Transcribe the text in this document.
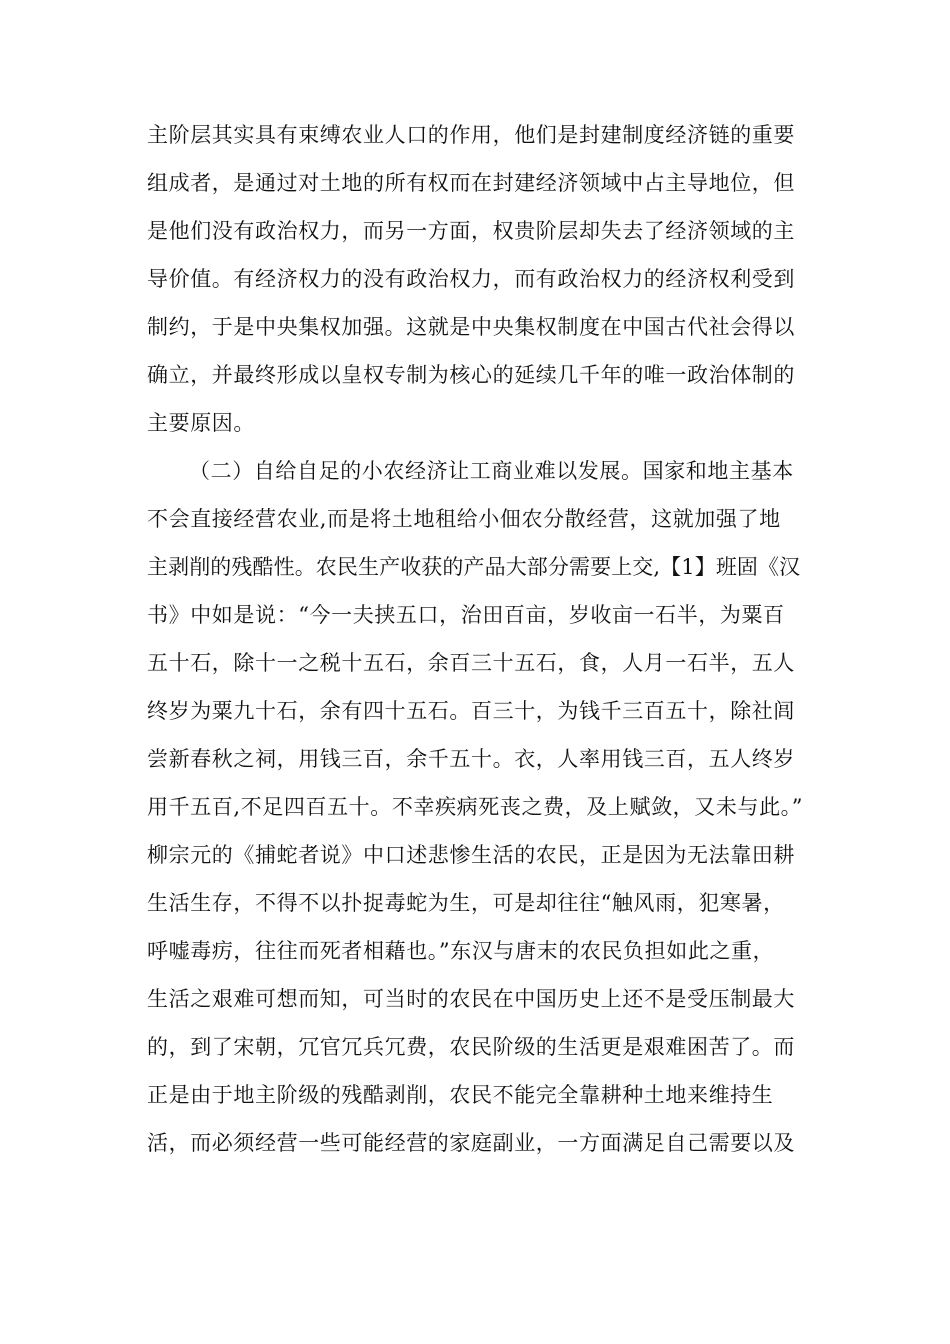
主阶层其实具有束缚农业人口的作用，他们是封建制度经济链的重要
组成者，是通过对土地的所有权而在封建经济领域中占主导地位，但
是他们没有政治权力，而另一方面，权贵阶层却失去了经济领域的主
导价值。有经济权力的没有政治权力，而有政治权力的经济权利受到
制约，于是中央集权加强。这就是中央集权制度在中国古代社会得以
确立，并最终形成以皇权专制为核心的延续几千年的唯一政治体制的
主要原因。
（二）自给自足的小农经济让工商业难以发展。国家和地主基本
不会直接经营农业,而是将土地租给小佃农分散经营，这就加强了地
主剥削的残酷性。农民生产收获的产品大部分需要上交,【1】班固《汉
书》中如是说：“今一夫挟五口，治田百亩，岁收亩一石半，为粟百
五十石，除十一之税十五石，余百三十五石，食，人月一石半，五人
终岁为粟九十石，余有四十五石。百三十，为钱千三百五十，除社闾
尝新春秋之祠，用钱三百，余千五十。衣，人率用钱三百，五人终岁
用千五百,不足四百五十。不幸疾病死丧之费，及上赋敛，又未与此。”
柳宗元的《捕蛇者说》中口述悲惨生活的农民，正是因为无法靠田耕
生活生存，不得不以扑捉毒蛇为生，可是却往往“触风雨，犯寒暑，
呼嘘毒疠，往往而死者相藉也。”东汉与唐末的农民负担如此之重，
生活之艰难可想而知，可当时的农民在中国历史上还不是受压制最大
的，到了宋朝，冗官冗兵冗费，农民阶级的生活更是艰难困苦了。而
正是由于地主阶级的残酷剥削，农民不能完全靠耕种土地来维持生
活，而必须经营一些可能经营的家庭副业，一方面满足自己需要以及
